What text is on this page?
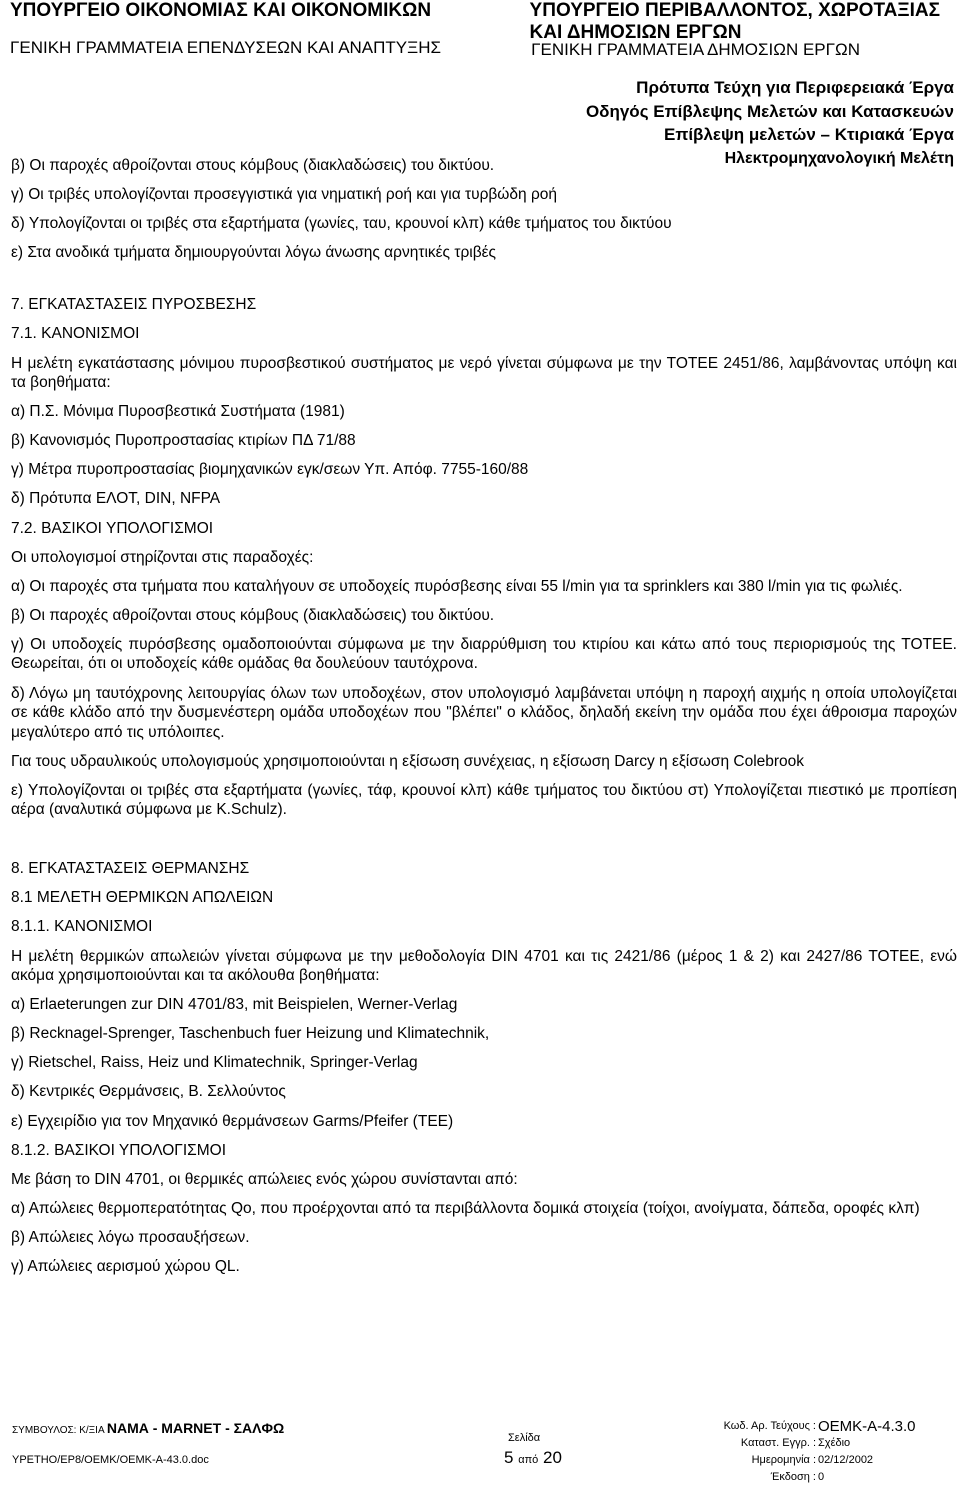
ΥΠΟΥΡΓΕΙΟ ΟΙΚΟΝΟΜΙΑΣ ΚΑΙ ΟΙΚΟΝΟΜΙΚΩΝ
ΓΕΝΙΚΗ ΓΡΑΜΜΑΤΕΙΑ ΕΠΕΝΔΥΣΕΩΝ ΚΑΙ ΑΝΑΠΤΥΞΗΣ
ΥΠΟΥΡΓΕΙΟ ΠΕΡΙΒΑΛΛΟΝΤΟΣ, ΧΩΡΟΤΑΞΙΑΣ
ΚΑΙ ΔΗΜΟΣΙΩΝ ΕΡΓΩΝ
ΓΕΝΙΚΗ ΓΡΑΜΜΑΤΕΙΑ ΔΗΜΟΣΙΩΝ ΕΡΓΩΝ
Πρότυπα Τεύχη για Περιφερειακά Έργα
Οδηγός Επίβλεψης Μελετών και Κατασκευών
Επίβλεψη μελετών – Κτιριακά Έργα
Ηλεκτρομηχανολογική Μελέτη

β) Οι παροχές αθροίζονται στους κόμβους (διακλαδώσεις) του δικτύου.

γ) Οι τριβές υπολογίζονται προσεγγιστικά για νηματική ροή και για τυρβώδη ροή

δ) Υπολογίζονται οι τριβές στα εξαρτήματα (γωνίες, ταυ, κρουνοί κλπ) κάθε τμήματος του δικτύου

ε) Στα ανοδικά τμήματα δημιουργούνται λόγω άνωσης αρνητικές τριβές

7. ΕΓΚΑΤΑΣΤΑΣΕΙΣ ΠΥΡΟΣΒΕΣΗΣ

7.1. ΚΑΝΟΝΙΣΜΟΙ

Η μελέτη εγκατάστασης μόνιμου πυροσβεστικού συστήματος με νερό γίνεται σύμφωνα με την ΤΟΤΕΕ 2451/86, λαμβάνοντας υπόψη και τα βοηθήματα:

α) Π.Σ. Μόνιμα Πυροσβεστικά Συστήματα (1981)

β) Κανονισμός Πυροπροστασίας κτιρίων ΠΔ 71/88

γ) Μέτρα πυροπροστασίας βιομηχανικών εγκ/σεων Υπ. Απόφ. 7755-160/88

δ) Πρότυπα ΕΛΟΤ, DIN, NFPA

7.2. ΒΑΣΙΚΟΙ ΥΠΟΛΟΓΙΣΜΟΙ

Οι υπολογισμοί στηρίζονται στις παραδοχές:

α) Οι παροχές στα τμήματα που καταλήγουν σε υποδοχείς πυρόσβεσης είναι 55 l/min για τα sprinklers και 380 l/min για τις φωλιές.

β) Οι παροχές αθροίζονται στους κόμβους (διακλαδώσεις) του δικτύου.

γ) Οι υποδοχείς πυρόσβεσης ομαδοποιούνται σύμφωνα με την διαρρύθμιση του κτιρίου και κάτω από τους περιορισμούς της ΤΟΤΕΕ. Θεωρείται, ότι οι υποδοχείς κάθε ομάδας θα δουλεύουν ταυτόχρονα.

δ) Λόγω μη ταυτόχρονης λειτουργίας όλων των υποδοχέων, στον υπολογισμό λαμβάνεται υπόψη η παροχή αιχμής η οποία υπολογίζεται σε κάθε κλάδο από την δυσμενέστερη ομάδα υποδοχέων που "βλέπει" ο κλάδος, δηλαδή εκείνη την ομάδα που έχει άθροισμα παροχών μεγαλύτερο από τις υπόλοιπες.

Για τους υδραυλικούς υπολογισμούς χρησιμοποιούνται η εξίσωση συνέχειας, η εξίσωση Darcy η εξίσωση Colebrook

ε) Υπολογίζονται οι τριβές στα εξαρτήματα (γωνίες, τάφ, κρουνοί κλπ) κάθε τμήματος του δικτύου στ) Υπολογίζεται πιεστικό με προπίεση αέρα (αναλυτικά σύμφωνα με K.Schulz).

8. ΕΓΚΑΤΑΣΤΑΣΕΙΣ ΘΕΡΜΑΝΣΗΣ

8.1 ΜΕΛΕΤΗ ΘΕΡΜΙΚΩΝ ΑΠΩΛΕΙΩΝ

8.1.1. ΚΑΝΟΝΙΣΜΟΙ

Η μελέτη θερμικών απωλειών γίνεται σύμφωνα με την μεθοδολογία DIN 4701 και τις 2421/86 (μέρος 1 & 2) και 2427/86 ΤΟΤΕΕ, ενώ ακόμα χρησιμοποιούνται και τα ακόλουθα βοηθήματα:

α) Erlaeterungen zur DIN 4701/83, mit Beispielen, Werner-Verlag

β) Recknagel-Sprenger, Taschenbuch fuer Heizung und Klimatechnik,

γ) Rietschel, Raiss, Heiz und Klimatechnik, Springer-Verlag

δ) Κεντρικές Θερμάνσεις, Β. Σελλούντος

ε) Εγχειρίδιο για τον Μηχανικό θερμάνσεων Garms/Pfeifer (TEE)

8.1.2. ΒΑΣΙΚΟΙ ΥΠΟΛΟΓΙΣΜΟΙ

Με βάση το DIN 4701, οι θερμικές απώλειες ενός χώρου συνίστανται από:

α) Απώλειες θερμοπερατότητας Qo, που προέρχονται από τα περιβάλλοντα δομικά στοιχεία (τοίχοι, ανοίγματα, δάπεδα, οροφές κλπ)

β) Απώλειες λόγω προσαυξήσεων.

γ) Απώλειες αερισμού χώρου QL.

ΣΥΜΒΟΥΛΟΣ: Κ/ΞΙΑ ΝΑΜΑ - MARNET - ΣΑΛΦΩ
ΥΡΕΤΗΟ/ΕΡ8/ΟΕΜΚ/ΟΕΜΚ-Α-43.0.doc
Σελίδα
5 από 20
Κωδ. Αρ. Τεύχους :
Καταστ. Εγγρ. :
Ημερομηνία :
Έκδοση :
ΟΕΜΚ-Α-4.3.0
Σχέδιο
02/12/2002
0
